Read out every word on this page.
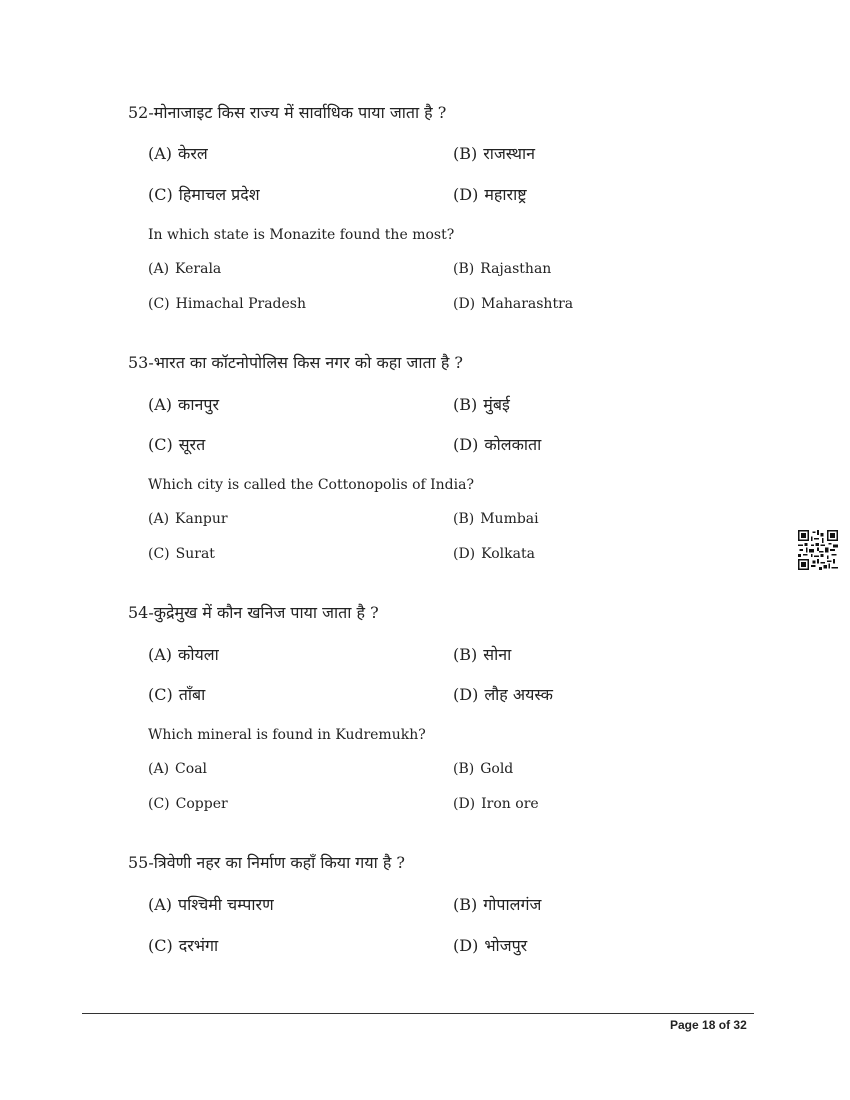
52-मोनाजाइट किस राज्य में सार्वाधिक पाया जाता है ?
(A) केरल	(B) राजस्थान
(C) हिमाचल प्रदेश	(D) महाराष्ट्र
In which state is Monazite found the most?
(A) Kerala	(B) Rajasthan
(C) Himachal Pradesh	(D) Maharashtra
53-भारत का कॉटनोपोलिस किस नगर को कहा जाता है ?
(A) कानपुर	(B) मुंबई
(C) सूरत	(D) कोलकाता
Which city is called the Cottonopolis of India?
(A) Kanpur	(B) Mumbai
(C) Surat	(D) Kolkata
54-कुद्रेमुख में कौन खनिज पाया जाता है ?
(A) कोयला	(B) सोना
(C) ताँबा	(D) लौह अयस्क
Which mineral is found in Kudremukh?
(A) Coal	(B) Gold
(C) Copper	(D) Iron ore
55-त्रिवेणी नहर का निर्माण कहाँ किया गया है ?
(A) पश्चिमी चम्पारण	(B) गोपालगंज
(C) दरभंगा	(D) भोजपुर
Page 18 of 32
